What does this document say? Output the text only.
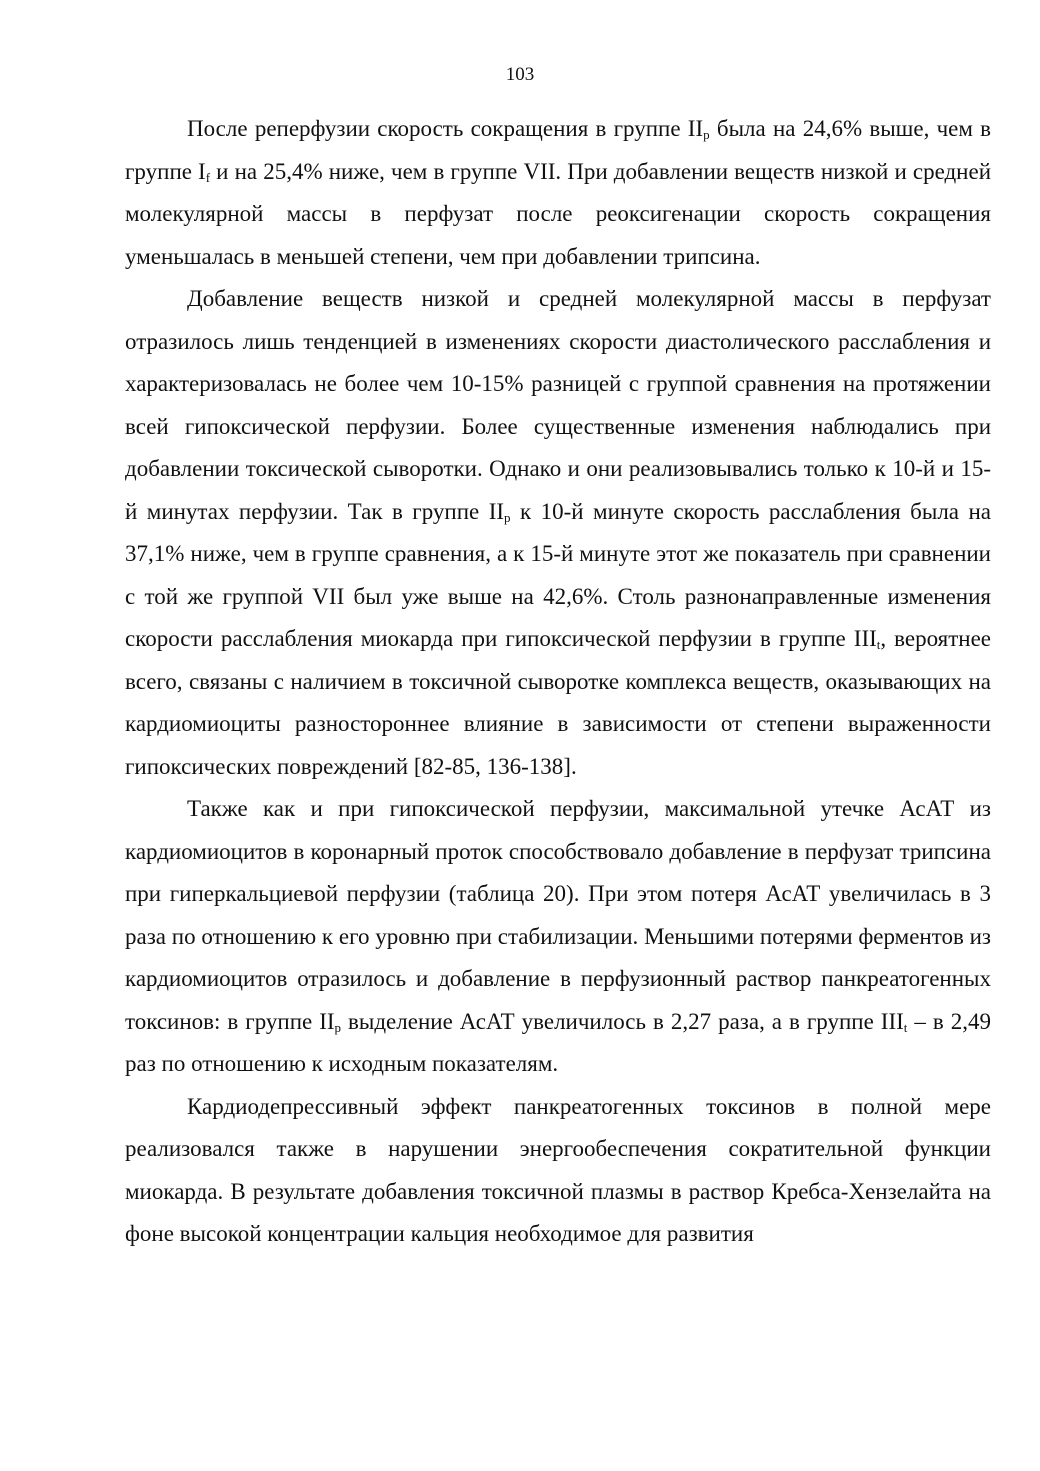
103

После реперфузии скорость сокращения в группе $II_p$ была на 24,6% выше, чем в группе $I_f$ и на 25,4% ниже, чем в группе VII. При добавлении веществ низкой и средней молекулярной массы в перфузат после реоксигенации скорость сокращения уменьшалась в меньшей степени, чем при добавлении трипсина.

Добавление веществ низкой и средней молекулярной массы в перфузат отразилось лишь тенденцией в изменениях скорости диастолического расслабления и характеризовалась не более чем 10-15% разницей с группой сравнения на протяжении всей гипоксической перфузии. Более существенные изменения наблюдались при добавлении токсической сыворотки. Однако и они реализовывались только к 10-й и 15-й минутах перфузии. Так в группе $II_p$ к 10-й минуте скорость расслабления была на 37,1% ниже, чем в группе сравнения, а к 15-й минуте этот же показатель при сравнении с той же группой VII был уже выше на 42,6%. Столь разнонаправленные изменения скорости расслабления миокарда при гипоксической перфузии в группе $III_t$, вероятнее всего, связаны с наличием в токсичной сыворотке комплекса веществ, оказывающих на кардиомиоциты разностороннее влияние в зависимости от степени выраженности гипоксических повреждений [82-85, 136-138].

Также как и при гипоксической перфузии, максимальной утечке АсАТ из кардиомиоцитов в коронарный проток способствовало добавление в перфузат трипсина при гиперкальциевой перфузии (таблица 20). При этом потеря АсАТ увеличилась в 3 раза по отношению к его уровню при стабилизации. Меньшими потерями ферментов из кардиомиоцитов отразилось и добавление в перфузионный раствор панкреатогенных токсинов: в группе $II_p$ выделение АсАТ увеличилось в 2,27 раза, а в группе $III_t$ – в 2,49 раз по отношению к исходным показателям.

Кардиодепрессивный эффект панкреатогенных токсинов в полной мере реализовался также в нарушении энергообеспечения сократительной функции миокарда. В результате добавления токсичной плазмы в раствор Кребса-Хензелайта на фоне высокой концентрации кальция необходимое для развития
